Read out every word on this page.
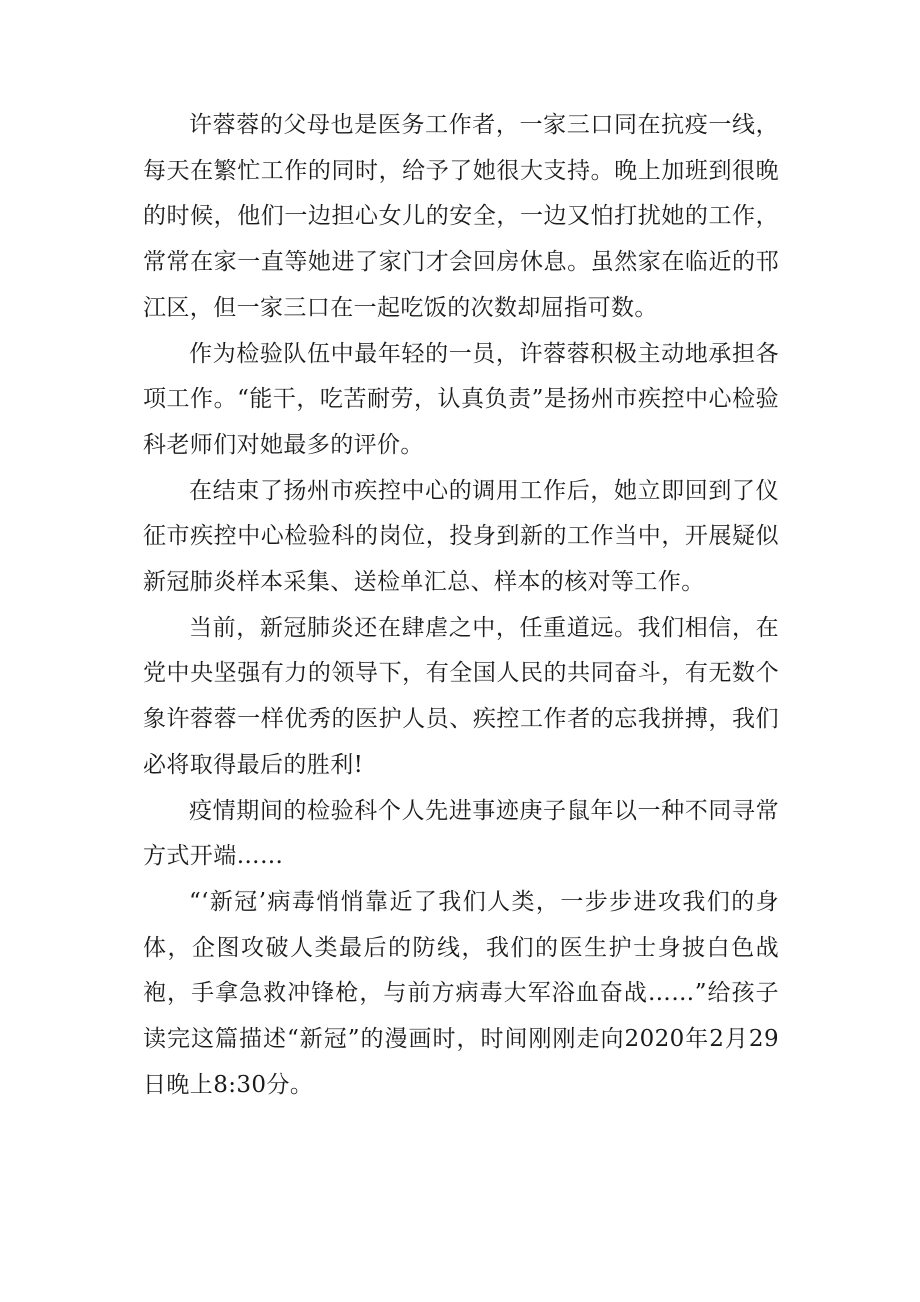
许蓉蓉的父母也是医务工作者，一家三口同在抗疫一线，每天在繁忙工作的同时，给予了她很大支持。晚上加班到很晚的时候，他们一边担心女儿的安全，一边又怕打扰她的工作，常常在家一直等她进了家门才会回房休息。虽然家在临近的邗江区，但一家三口在一起吃饭的次数却屈指可数。

作为检验队伍中最年轻的一员，许蓉蓉积极主动地承担各项工作。“能干，吃苦耐劳，认真负责”是扬州市疾控中心检验科老师们对她最多的评价。

在结束了扬州市疾控中心的调用工作后，她立即回到了仪征市疾控中心检验科的岗位，投身到新的工作当中，开展疑似新冠肺炎样本采集、送检单汇总、样本的核对等工作。

当前，新冠肺炎还在肆虐之中，任重道远。我们相信，在党中央坚强有力的领导下，有全国人民的共同奋斗，有无数个象许蓉蓉一样优秀的医护人员、疾控工作者的忘我拼搏，我们必将取得最后的胜利!

疫情期间的检验科个人先进事迹庚子鼠年以一种不同寻常方式开端……

“‘新冠’病毒悄悄靠近了我们人类，一步步进攻我们的身体，企图攻破人类最后的防线，我们的医生护士身披白色战袍，手拿急救冲锋枪，与前方病毒大军浴血奋战……”给孩子读完这篇描述“新冠”的漫画时，时间刚刚走向2020年2月29日晚上8:30分。
